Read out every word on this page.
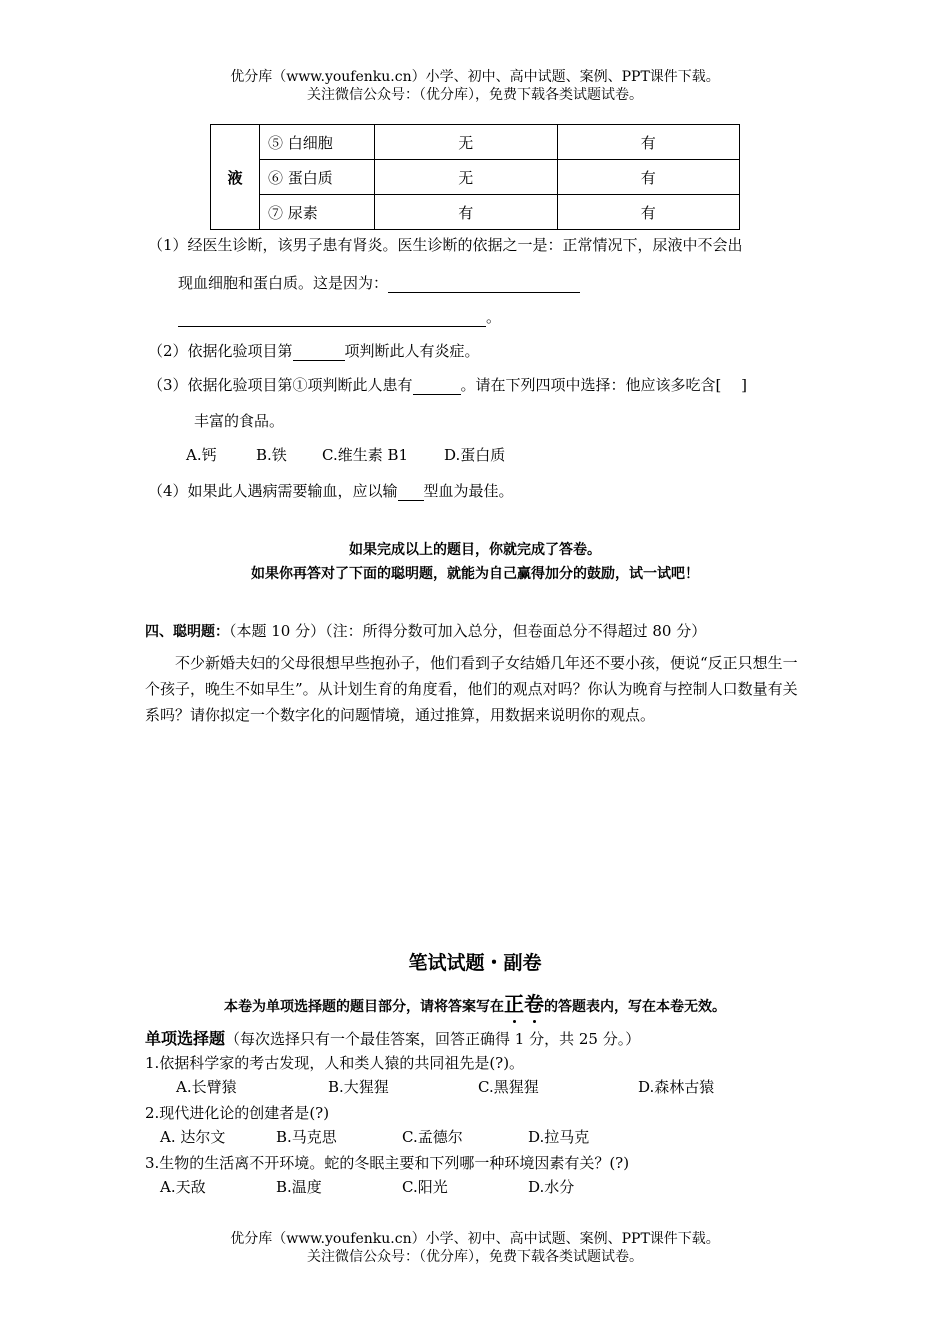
优分库（www.youfenku.cn）小学、初中、高中试题、案例、PPT课件下载。
关注微信公众号：（优分库），免费下载各类试题试卷。
液	⑤ 白细胞	无	有
	⑥ 蛋白质	无	有
	⑦ 尿素	有	有
（1）经医生诊断，该男子患有肾炎。医生诊断的依据之一是：正常情况下，尿液中不会出
现血细胞和蛋白质。这是因为：
。
（2）依据化验项目第	项判断此人有炎症。
（3）依据化验项目第①项判断此人患有	。请在下列四项中选择：他应该多吃含[　 ]
丰富的食品。
A.钙	B.铁 C.维生素 B1 D.蛋白质
（4）如果此人遇病需要输血，应以输 型血为最佳。
如果完成以上的题目，你就完成了答卷。
如果你再答对了下面的聪明题，就能为自己赢得加分的鼓励，试一试吧！
四、聪明题：（本题 10 分）（注：所得分数可加入总分，但卷面总分不得超过 80 分）
不少新婚夫妇的父母很想早些抱孙子，他们看到子女结婚几年还不要小孩，便说“反正只想生一个孩子，晚生不如早生”。从计划生育的角度看，他们的观点对吗？你认为晚育与控制人口数量有关系吗？请你拟定一个数字化的问题情境，通过推算，用数据来说明你的观点。
笔试试题・副卷
本卷为单项选择题的题目部分，请将答案写在正卷的答题表内，写在本卷无效。
单项选择题（每次选择只有一个最佳答案，回答正确得 1 分，共 25 分。）
1.依据科学家的考古发现，人和类人猿的共同祖先是(?)。
A.长臂猿	B.大猩猩	C.黑猩猩	D.森林古猿
2.现代进化论的创建者是(?)
A. 达尔文	B.马克思	C.孟德尔	D.拉马克
3.生物的生活离不开环境。蛇的冬眠主要和下列哪一种环境因素有关？(?)
A.天敌	B.温度	C.阳光	D.水分
优分库（www.youfenku.cn）小学、初中、高中试题、案例、PPT课件下载。
关注微信公众号：（优分库），免费下载各类试题试卷。
